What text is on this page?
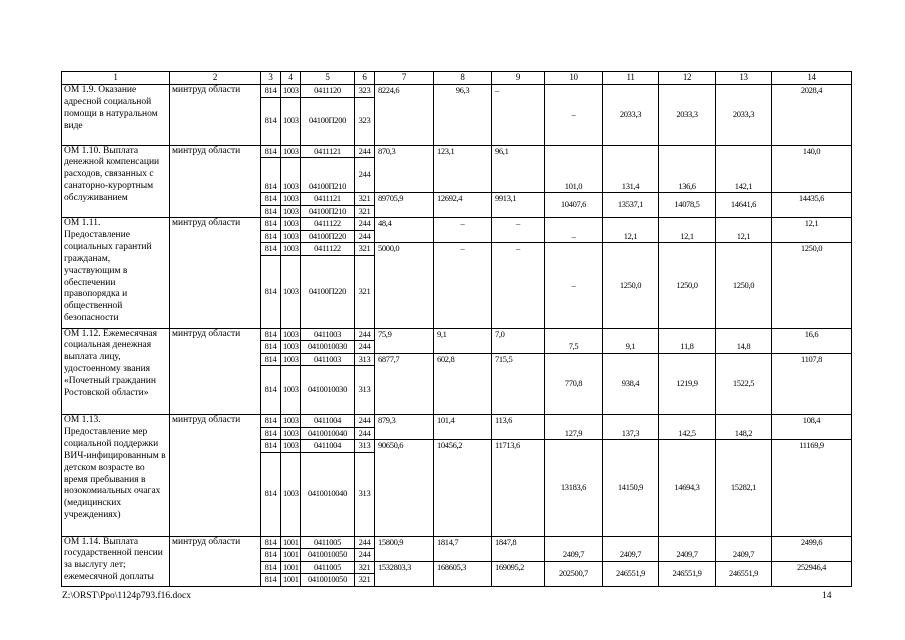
1	2	3	4	5	6	7	8	9	10	11	12	13	14
ОМ 1.9. Оказание адресной социальной помощи в натуральном виде	минтруд области	814	1003	0411120	323	8224,6	96,3	–	–	2033,3	2033,3	2033,3	2028,4
		814	1003	04100П200	323								
ОМ 1.10. Выплата денежной компенсации расходов, связанных с санаторно-курортным обслуживанием	минтруд области	814	1003	0411121	244	870,3	123,1	96,1	101,0	131,4	136,6	142,1	140,0
		814	1003	04100П210	244								
		814	1003	0411121	321	89705,9	12692,4	9913,1	10407,6	13537,1	14078,5	14641,6	14435,6
		814	1003	04100П210	321								
ОМ 1.11. Предоставление социальных гарантий гражданам, участвующим в обеспечении правопорядка и общественной безопасности	минтруд области	814	1003	0411122	244	48,4	–	–	–	12,1	12,1	12,1	12,1
		814	1003	04100П220	244								
		814	1003	0411122	321	5000,0	–	–	–	1250,0	1250,0	1250,0	1250,0
		814	1003	04100П220	321								
ОМ 1.12. Ежемесячная социальная денежная выплата лицу, удостоенному звания «Почетный гражданин Ростовской области»	минтруд области	814	1003	0411003	244	75,9	9,1	7,0	7,5	9,1	11,8	14,8	16,6
		814	1003	0410010030	244								
		814	1003	0411003	313	6877,7	602,8	715,5	770,8	938,4	1219,9	1522,5	1107,8
		814	1003	0410010030	313								
ОМ 1.13. Предоставление мер социальной поддержки ВИЧ-инфицированным в детском возрасте во время пребывания в нозокомиальных очагах (медицинских учреждениях)	минтруд области	814	1003	0411004	244	879,3	101,4	113,6	127,9	137,3	142,5	148,2	108,4
		814	1003	0410010040	244								
		814	1003	0411004	313	90650,6	10456,2	11713,6	13183,6	14150,9	14694,3	15282,1	11169,9
		814	1003	0410010040	313								
ОМ 1.14. Выплата государственной пенсии за выслугу лет; ежемесячной доплаты	минтруд области	814	1001	0411005	244	15800,9	1814,7	1847,8	2409,7	2409,7	2409,7	2409,7	2499,6
		814	1001	0410010050	244								
		814	1001	0411005	321	1532803,3	168605,3	169095,2	202500,7	246551,9	246551,9	246551,9	252946,4
		814	1001	0410010050	321								
Z:\ORST\Ppo\1124p793.f16.docx	14
